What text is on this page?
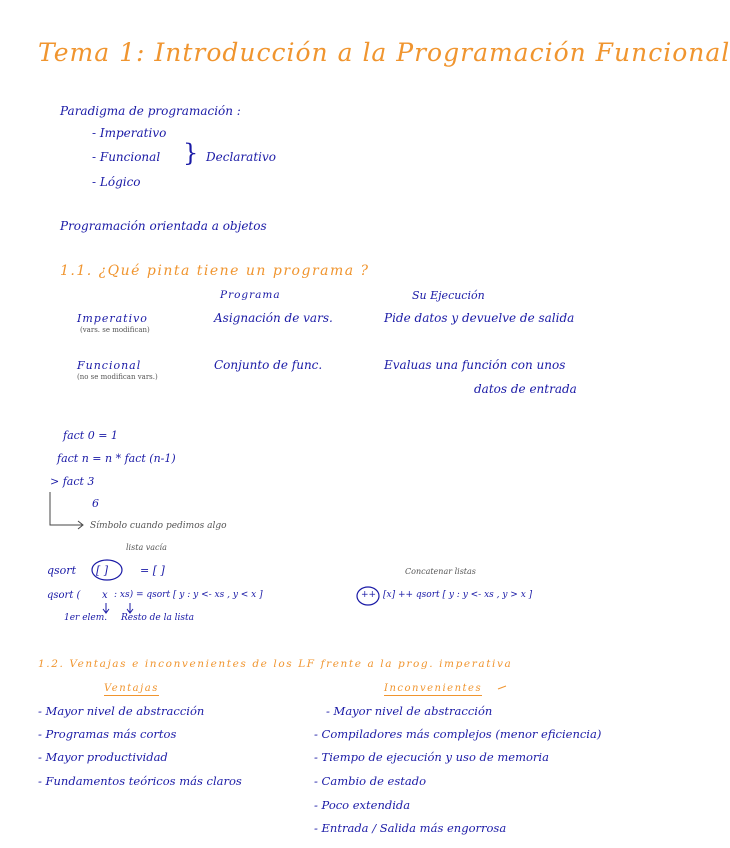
Tema 1: Introducción a la Programación Funcional
Paradigma de programación :
- Imperativo
- Funcional
- Lógico
} Declarativo
Programación orientada a objetos
1.1. ¿Qué pinta tiene un programa ?
Programa	Su Ejecución
Imperativo
(vars. se modifican)
Asignación de vars.	Pide datos y devuelve de salida
Funcional
(no se modifican vars.)
Conjunto de func.	Evaluas una función con unos
datos de entrada
fact 0 = 1
fact n = n * fact (n-1)
> fact 3
6
Símbolo cuando pedimos algo
lista vacía
qsort [ ]	= [ ]	Concatenar listas
qsort ( x : xs) = qsort [ y : y <- xs , y < x ]	++ [x] ++ qsort [ y : y <- xs , y > x ]
1er elem. Resto de la lista
1.2. Ventajas e inconvenientes de los LF frente a la prog. imperativa
Ventajas	Inconvenientes
- Mayor nivel de abstracción
- Programas más cortos
- Mayor productividad
- Fundamentos teóricos más claros
- Mayor nivel de abstracción
- Compiladores más complejos (menor eficiencia)
- Tiempo de ejecución y uso de memoria
- Cambio de estado
- Poco extendida
- Entrada / Salida más engorrosa
